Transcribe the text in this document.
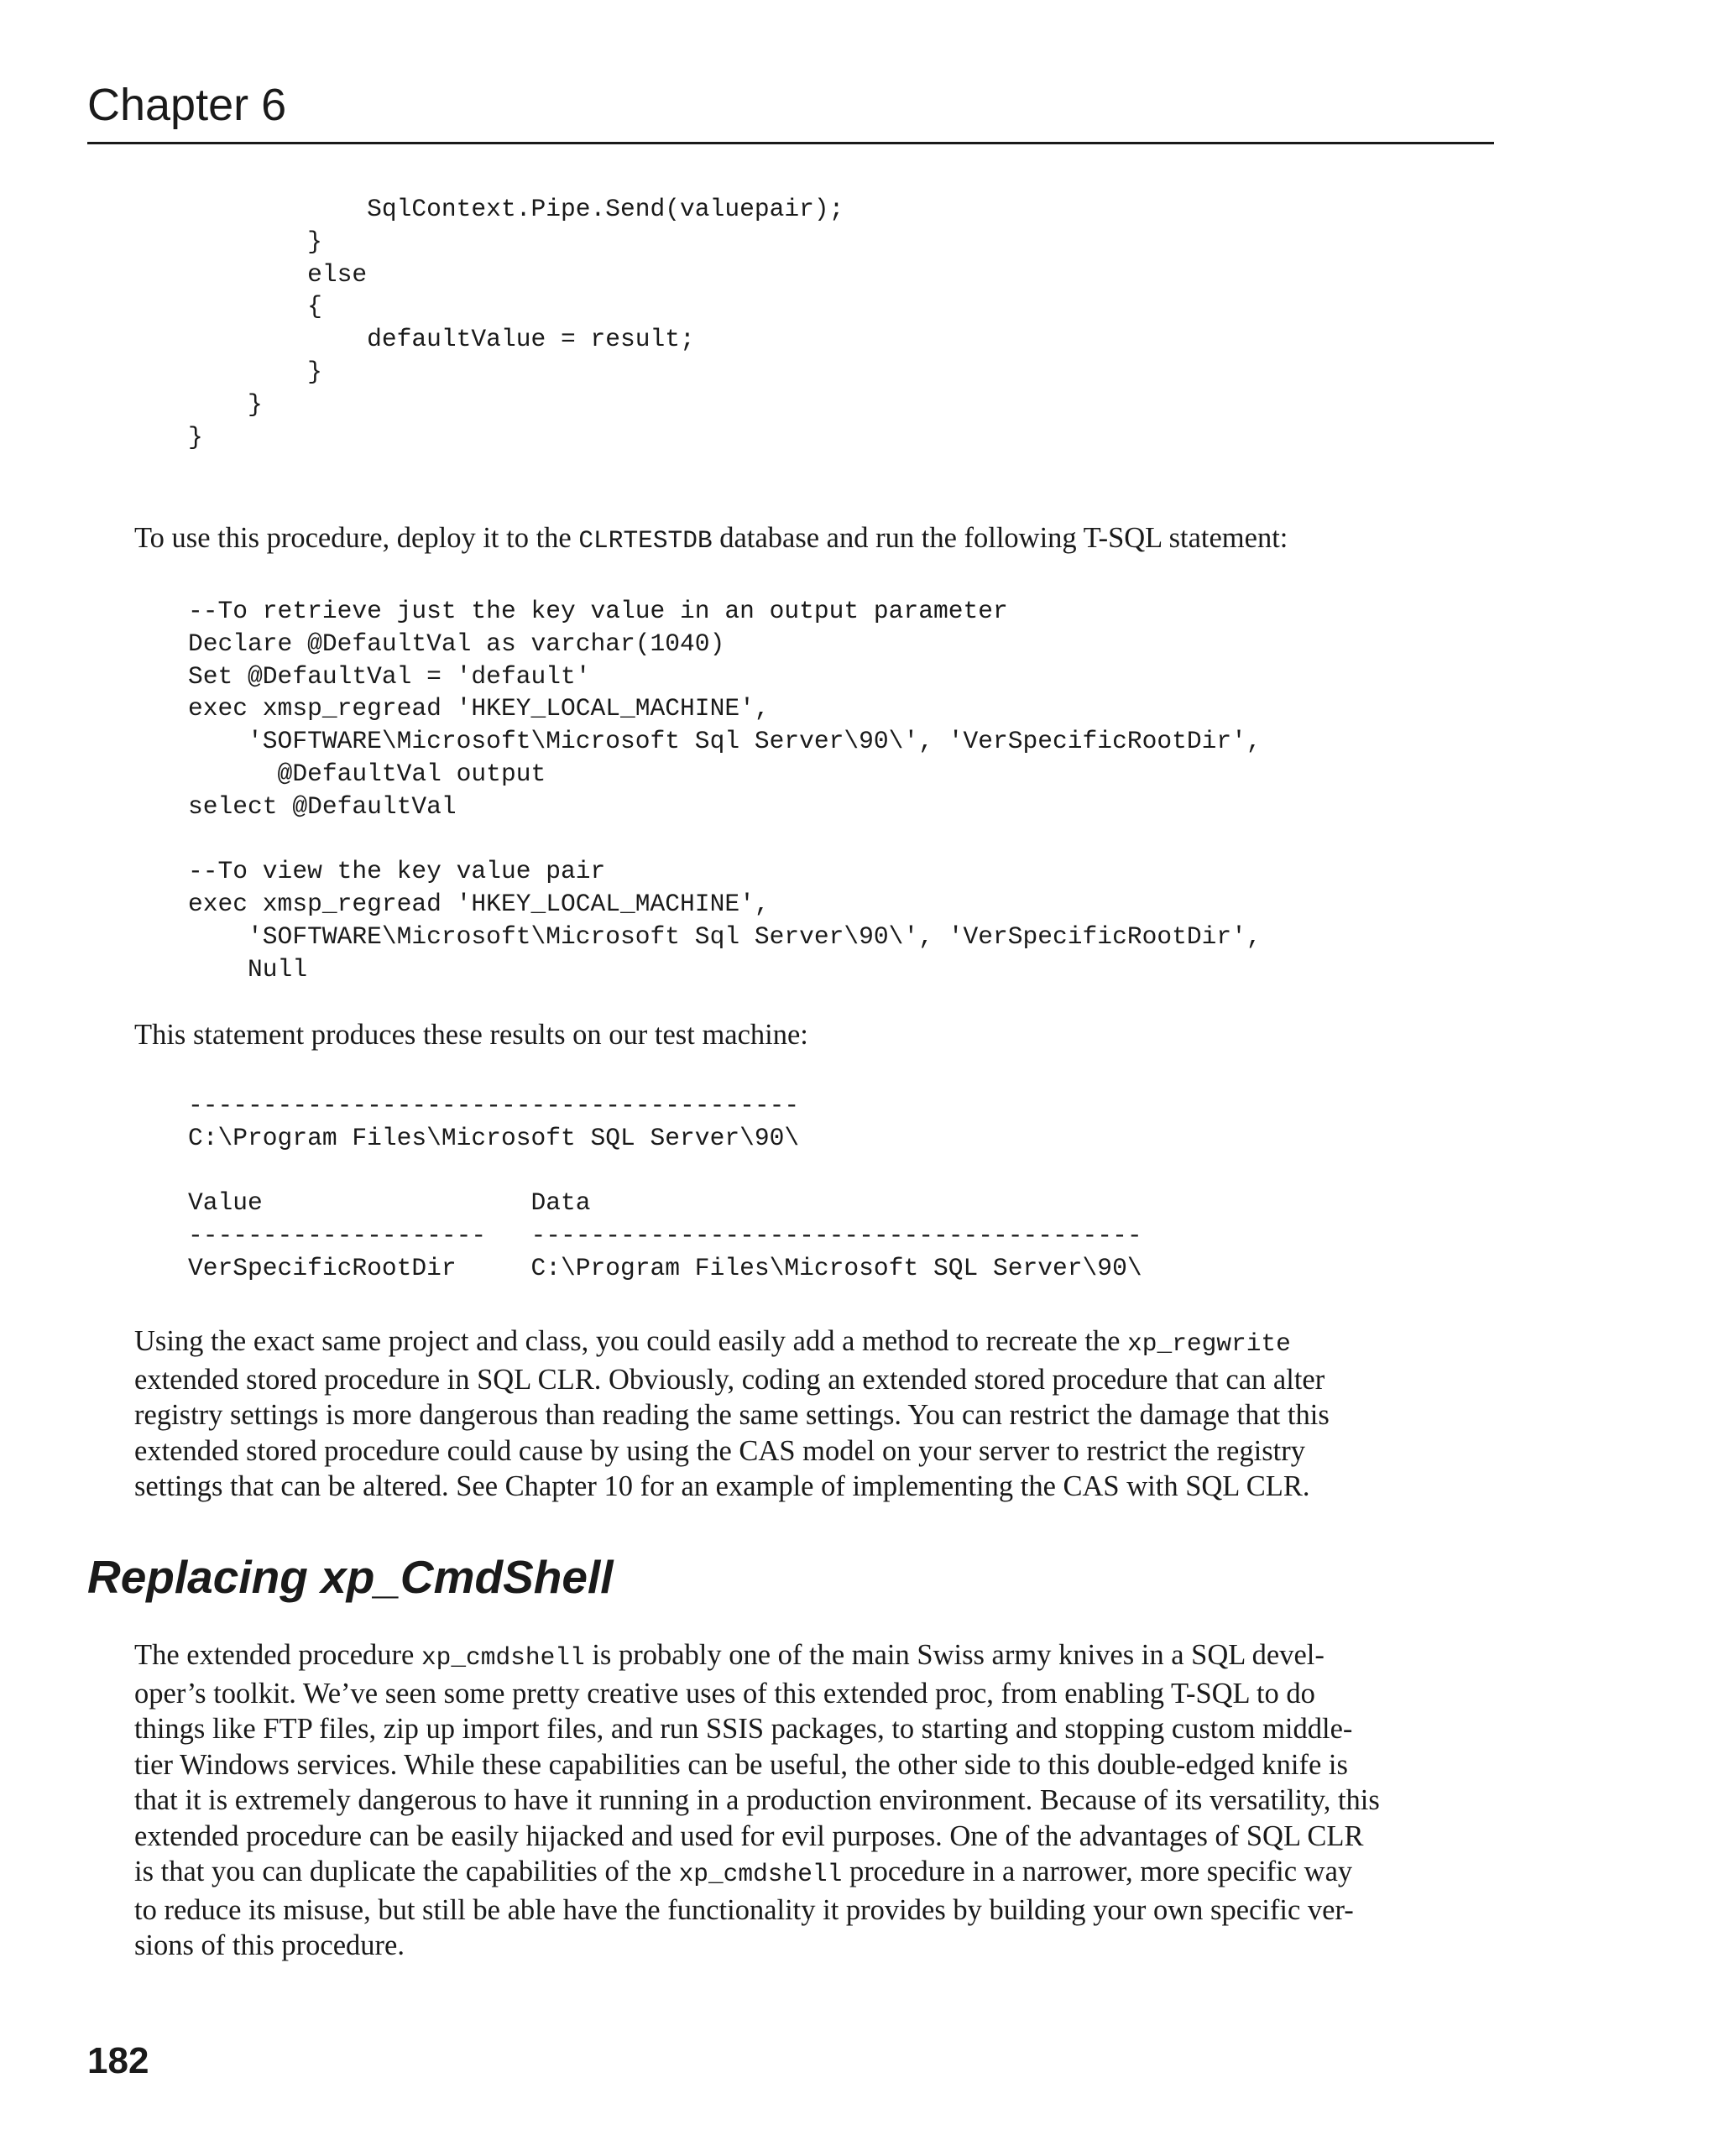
Chapter 6
SqlContext.Pipe.Send(valuepair);
}
else
{
defaultValue = result;
}
}
}

To use this procedure, deploy it to the CLRTESTDB database and run the following T-SQL statement:

--To retrieve just the key value in an output parameter
Declare @DefaultVal as varchar(1040)
Set @DefaultVal = 'default'
exec xmsp_regread 'HKEY_LOCAL_MACHINE',
'SOFTWARE\Microsoft\Microsoft Sql Server\90\', 'VerSpecificRootDir',
@DefaultVal output
select @DefaultVal
--To view the key value pair
exec xmsp_regread 'HKEY_LOCAL_MACHINE',
'SOFTWARE\Microsoft\Microsoft Sql Server\90\', 'VerSpecificRootDir',
Null

This statement produces these results on our test machine:

-----------------------------------------
C:\Program Files\Microsoft SQL Server\90\
Value                  Data
--------------------   -----------------------------------------
VerSpecificRootDir     C:\Program Files\Microsoft SQL Server\90\

Using the exact same project and class, you could easily add a method to recreate the xp_regwrite
extended stored procedure in SQL CLR. Obviously, coding an extended stored procedure that can alter
registry settings is more dangerous than reading the same settings. You can restrict the damage that this
extended stored procedure could cause by using the CAS model on your server to restrict the registry
settings that can be altered. See Chapter 10 for an example of implementing the CAS with SQL CLR.

Replacing xp_CmdShell

The extended procedure xp_cmdshell is probably one of the main Swiss army knives in a SQL devel-
oper’s toolkit. We’ve seen some pretty creative uses of this extended proc, from enabling T-SQL to do
things like FTP files, zip up import files, and run SSIS packages, to starting and stopping custom middle-
tier Windows services. While these capabilities can be useful, the other side to this double-edged knife is
that it is extremely dangerous to have it running in a production environment. Because of its versatility, this
extended procedure can be easily hijacked and used for evil purposes. One of the advantages of SQL CLR
is that you can duplicate the capabilities of the xp_cmdshell procedure in a narrower, more specific way
to reduce its misuse, but still be able have the functionality it provides by building your own specific ver-
sions of this procedure.

182
